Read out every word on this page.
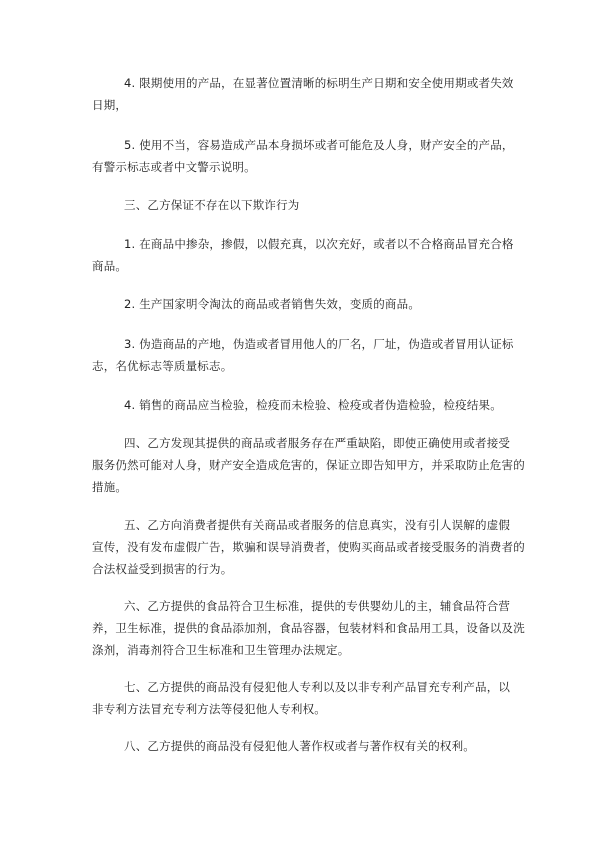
4. 限期使用的产品，在显著位置清晰的标明生产日期和安全使用期或者失效
日期，

5. 使用不当，容易造成产品本身损坏或者可能危及人身，财产安全的产品，
有警示标志或者中文警示说明。

三、乙方保证不存在以下欺诈行为

1. 在商品中掺杂，掺假，以假充真，以次充好，或者以不合格商品冒充合格
商品。

2. 生产国家明令淘汰的商品或者销售失效，变质的商品。

3. 伪造商品的产地，伪造或者冒用他人的厂名，厂址，伪造或者冒用认证标
志，名优标志等质量标志。

4. 销售的商品应当检验，检疫而未检验、检疫或者伪造检验，检疫结果。

四、乙方发现其提供的商品或者服务存在严重缺陷，即使正确使用或者接受
服务仍然可能对人身，财产安全造成危害的，保证立即告知甲方，并采取防止危害的
措施。

五、乙方向消费者提供有关商品或者服务的信息真实，没有引人误解的虚假
宣传，没有发布虚假广告，欺骗和误导消费者，使购买商品或者接受服务的消费者的
合法权益受到损害的行为。

六、乙方提供的食品符合卫生标准，提供的专供婴幼儿的主，辅食品符合营
养，卫生标准，提供的食品添加剂，食品容器，包装材料和食品用工具，设备以及洗
涤剂，消毒剂符合卫生标准和卫生管理办法规定。

七、乙方提供的商品没有侵犯他人专利以及以非专利产品冒充专利产品，以
非专利方法冒充专利方法等侵犯他人专利权。

八、乙方提供的商品没有侵犯他人著作权或者与著作权有关的权利。
